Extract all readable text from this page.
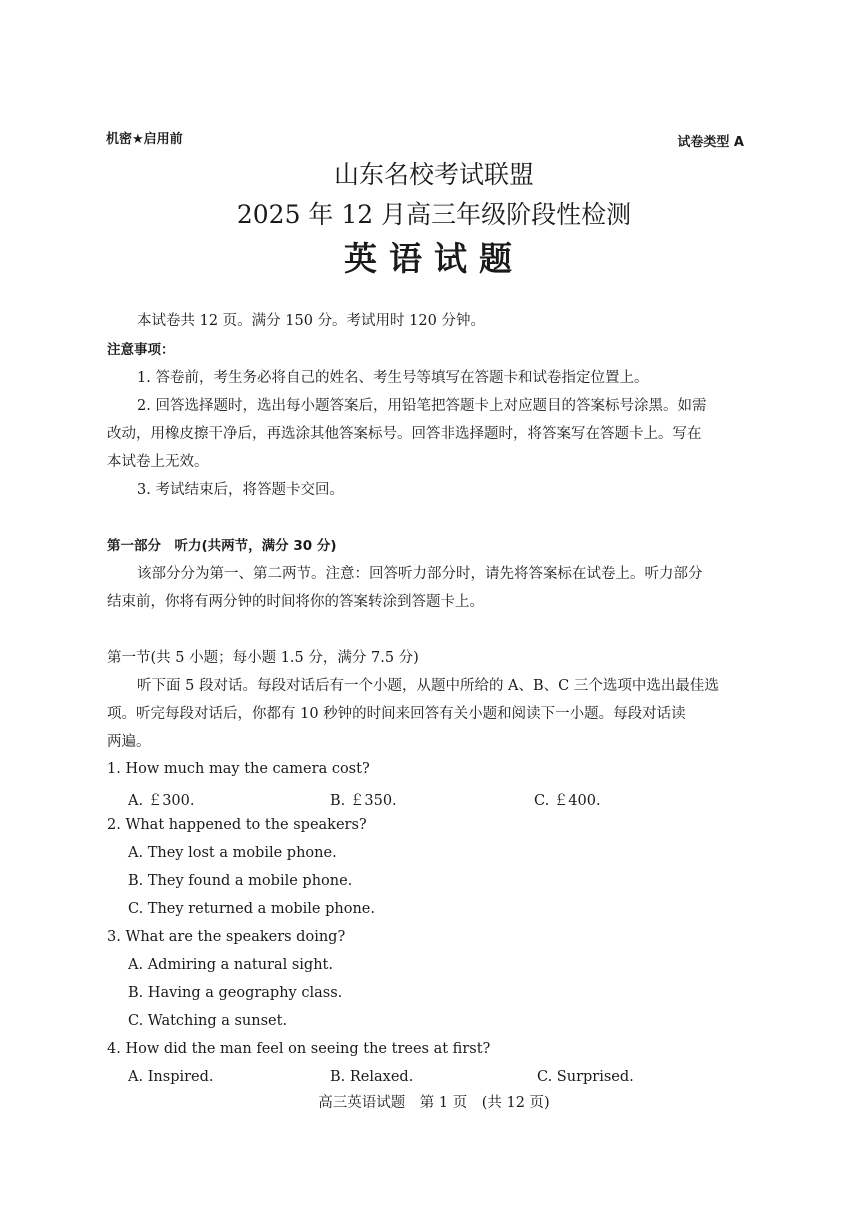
机密★启用前	试卷类型 A
山东名校考试联盟
2025 年 12 月高三年级阶段性检测
英语试题
本试卷共 12 页。满分 150 分。考试用时 120 分钟。
注意事项：
1. 答卷前，考生务必将自己的姓名、考生号等填写在答题卡和试卷指定位置上。
2. 回答选择题时，选出每小题答案后，用铅笔把答题卡上对应题目的答案标号涂黑。如需
改动，用橡皮擦干净后，再选涂其他答案标号。回答非选择题时，将答案写在答题卡上。写在
本试卷上无效。
3. 考试结束后，将答题卡交回。
第一部分　听力(共两节，满分 30 分)
该部分分为第一、第二两节。注意：回答听力部分时，请先将答案标在试卷上。听力部分
结束前，你将有两分钟的时间将你的答案转涂到答题卡上。
第一节(共 5 小题；每小题 1.5 分，满分 7.5 分)
听下面 5 段对话。每段对话后有一个小题，从题中所给的 A、B、C 三个选项中选出最佳选
项。听完每段对话后，你都有 10 秒钟的时间来回答有关小题和阅读下一小题。每段对话读
两遍。
1. How much may the camera cost?
A. ￡300.	B. ￡350.	C. ￡400.
2. What happened to the speakers?
A. They lost a mobile phone.
B. They found a mobile phone.
C. They returned a mobile phone.
3. What are the speakers doing?
A. Admiring a natural sight.
B. Having a geography class.
C. Watching a sunset.
4. How did the man feel on seeing the trees at first?
A. Inspired.	B. Relaxed.	C. Surprised.
高三英语试题　第 1 页　(共 12 页)
